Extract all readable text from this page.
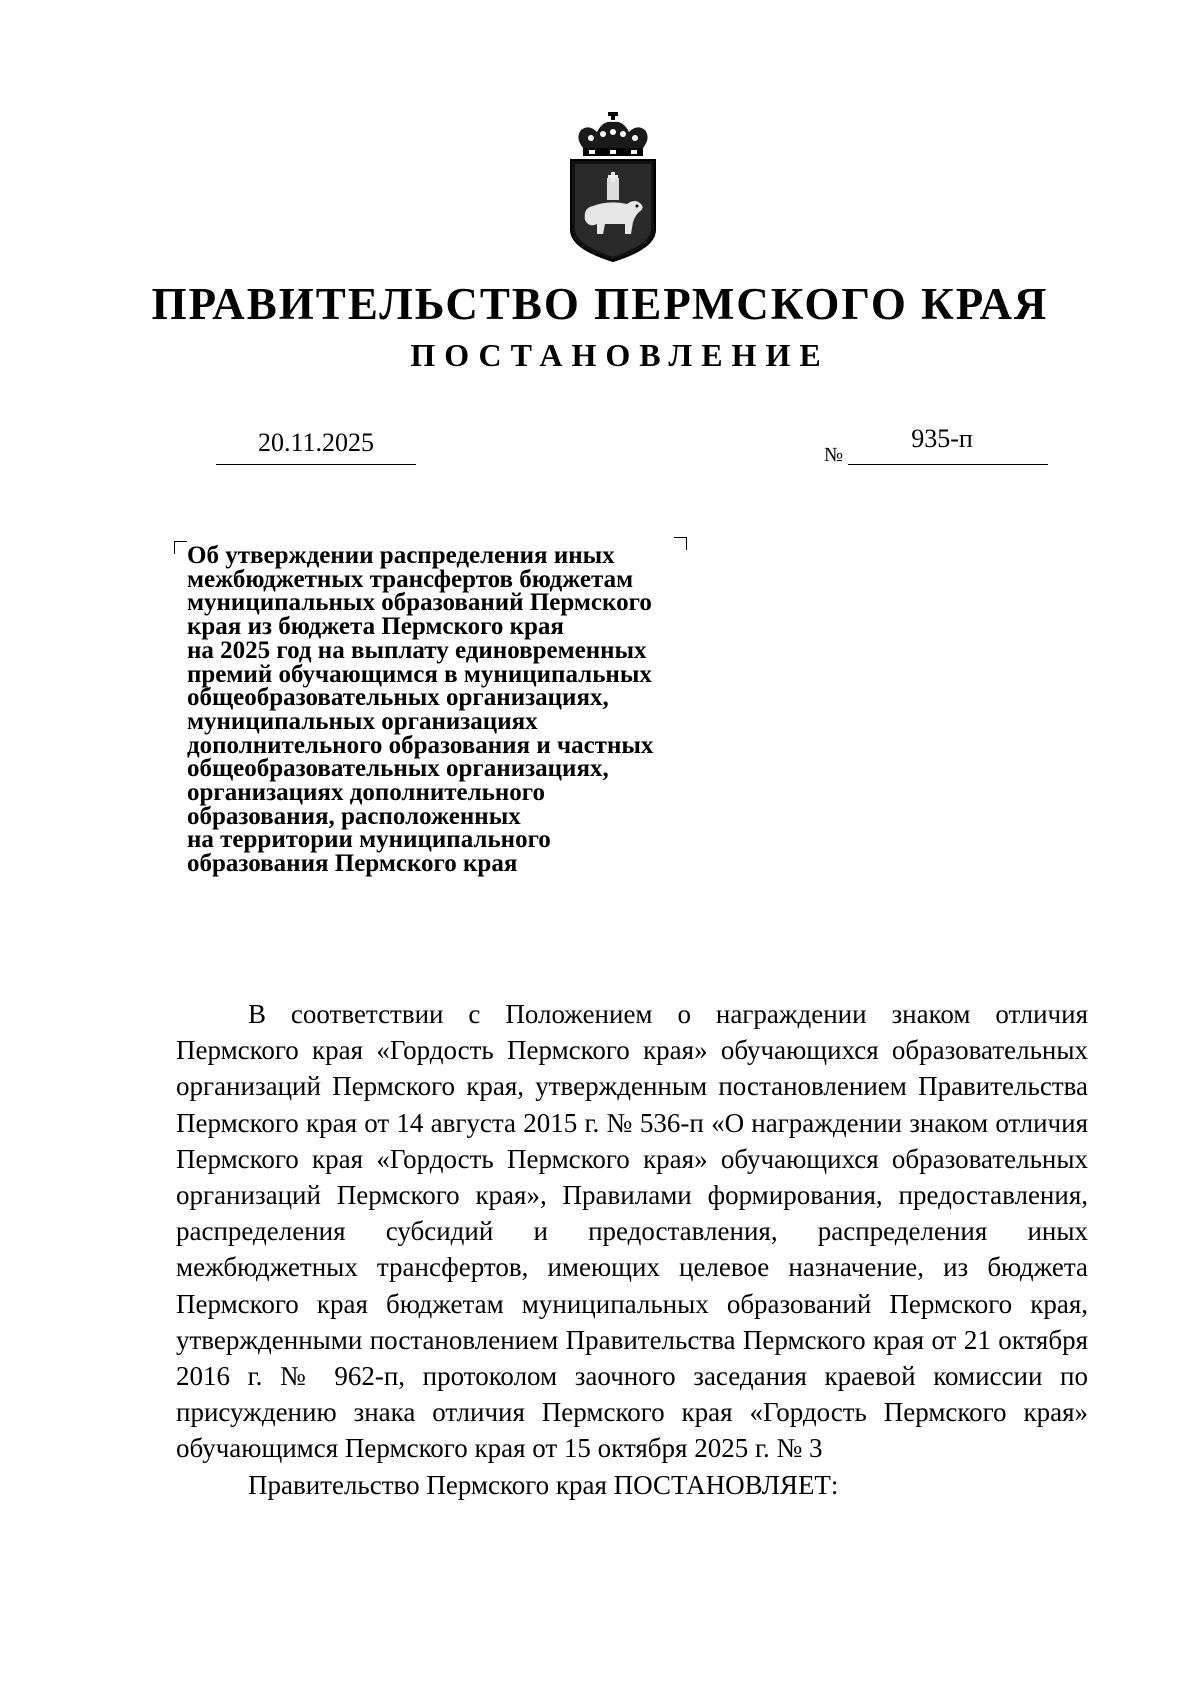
ПРАВИТЕЛЬСТВО ПЕРМСКОГО КРАЯ
ПОСТАНОВЛЕНИЕ
20.11.2025	№
935-п
Об утверждении распределения иных
межбюджетных трансфертов бюджетам
муниципальных образований Пермского
края из бюджета Пермского края
на 2025 год на выплату единовременных
премий обучающимся в муниципальных
общеобразовательных организациях,
муниципальных организациях
дополнительного образования и частных
общеобразовательных организациях,
организациях дополнительного
образования, расположенных
на территории муниципального
образования Пермского края

В соответствии с Положением о награждении знаком отличия Пермского края «Гордость Пермского края» обучающихся образовательных организаций Пермского края, утвержденным постановлением Правительства Пермского края от 14 августа 2015 г. № 536-п «О награждении знаком отличия Пермского края «Гордость Пермского края» обучающихся образовательных организаций Пермского края», Правилами формирования, предоставления, распределения субсидий и предоставления, распределения иных межбюджетных трансфертов, имеющих целевое назначение, из бюджета Пермского края бюджетам муниципальных образований Пермского края, утвержденными постановлением Правительства Пермского края от 21 октября 2016 г. № 962-п, протоколом заочного заседания краевой комиссии по присуждению знака отличия Пермского края «Гордость Пермского края» обучающимся Пермского края от 15 октября 2025 г. № 3

Правительство Пермского края ПОСТАНОВЛЯЕТ:
